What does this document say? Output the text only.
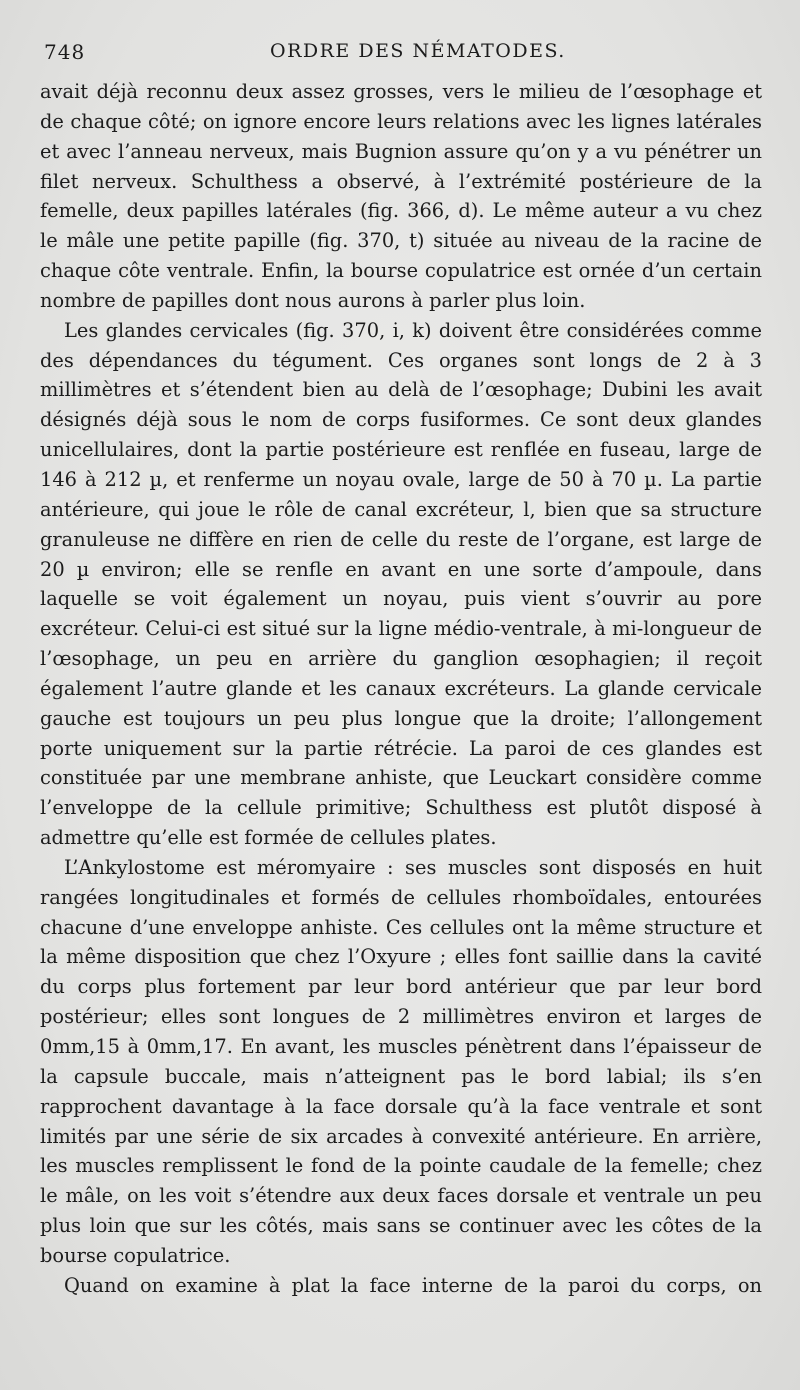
748	ORDRE DES NÉMATODES.

avait déjà reconnu deux assez grosses, vers le milieu de l’œsophage et de chaque côté; on ignore encore leurs relations avec les lignes latérales et avec l’anneau nerveux, mais Bugnion assure qu’on y a vu pénétrer un filet nerveux. Schulthess a observé, à l’extrémité postérieure de la femelle, deux papilles latérales (fig. 366, d). Le même auteur a vu chez le mâle une petite papille (fig. 370, t) située au niveau de la racine de chaque côte ventrale. Enfin, la bourse copulatrice est ornée d’un certain nombre de papilles dont nous aurons à parler plus loin.

Les glandes cervicales (fig. 370, i, k) doivent être considérées comme des dépendances du tégument. Ces organes sont longs de 2 à 3 millimètres et s’étendent bien au delà de l’œsophage; Dubini les avait désignés déjà sous le nom de corps fusiformes. Ce sont deux glandes unicellulaires, dont la partie postérieure est renflée en fuseau, large de 146 à 212 µ, et renferme un noyau ovale, large de 50 à 70 µ. La partie antérieure, qui joue le rôle de canal excréteur, l, bien que sa structure granuleuse ne diffère en rien de celle du reste de l’organe, est large de 20 µ environ; elle se renfle en avant en une sorte d’ampoule, dans laquelle se voit également un noyau, puis vient s’ouvrir au pore excréteur. Celui-ci est situé sur la ligne médio-ventrale, à mi-longueur de l’œsophage, un peu en arrière du ganglion œsophagien; il reçoit également l’autre glande et les canaux excréteurs. La glande cervicale gauche est toujours un peu plus longue que la droite; l’allongement porte uniquement sur la partie rétrécie. La paroi de ces glandes est constituée par une membrane anhiste, que Leuckart considère comme l’enveloppe de la cellule primitive; Schulthess est plutôt disposé à admettre qu’elle est formée de cellules plates.

L’Ankylostome est méromyaire : ses muscles sont disposés en huit rangées longitudinales et formés de cellules rhomboïdales, entourées chacune d’une enveloppe anhiste. Ces cellules ont la même structure et la même disposition que chez l’Oxyure ; elles font saillie dans la cavité du corps plus fortement par leur bord antérieur que par leur bord postérieur; elles sont longues de 2 millimètres environ et larges de 0mm,15 à 0mm,17. En avant, les muscles pénètrent dans l’épaisseur de la capsule buccale, mais n’atteignent pas le bord labial; ils s’en rapprochent davantage à la face dorsale qu’à la face ventrale et sont limités par une série de six arcades à convexité antérieure. En arrière, les muscles remplissent le fond de la pointe caudale de la femelle; chez le mâle, on les voit s’étendre aux deux faces dorsale et ventrale un peu plus loin que sur les côtés, mais sans se continuer avec les côtes de la bourse copulatrice.

Quand on examine à plat la face interne de la paroi du corps, on
